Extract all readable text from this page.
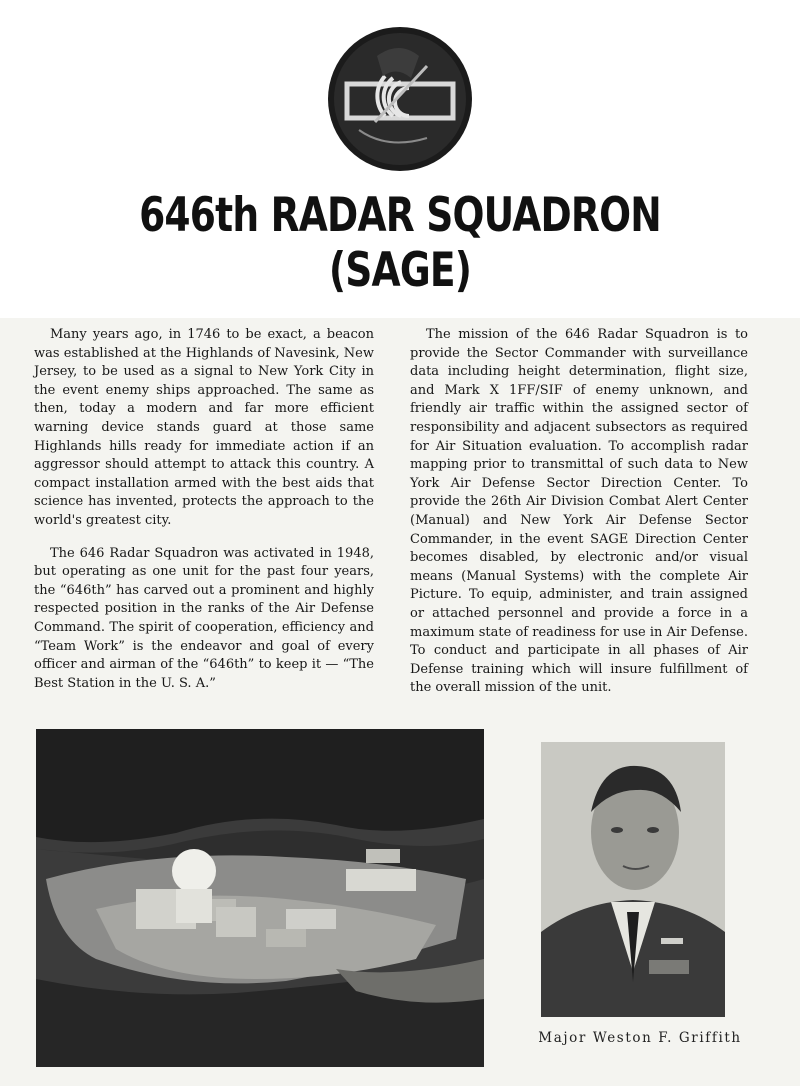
646th RADAR SQUADRON (SAGE)

Many years ago, in 1746 to be exact, a beacon was established at the Highlands of Navesink, New Jersey, to be used as a signal to New York City in the event enemy ships approached. The same as then, today a modern and far more efficient warning device stands guard at those same Highlands hills ready for immediate action if an aggressor should attempt to attack this country. A compact installation armed with the best aids that science has invented, protects the approach to the world's greatest city.

The 646 Radar Squadron was activated in 1948, but operating as one unit for the past four years, the “646th” has carved out a prominent and highly respected position in the ranks of the Air Defense Command. The spirit of cooperation, efficiency and “Team Work” is the endeavor and goal of every officer and airman of the “646th” to keep it — “The Best Station in the U. S. A.”

The mission of the 646 Radar Squadron is to provide the Sector Commander with surveillance data including height determination, flight size, and Mark X 1FF/SIF of enemy unknown, and friendly air traffic within the assigned sector of responsibility and adjacent subsectors as required for Air Situation evaluation. To accomplish radar mapping prior to transmittal of such data to New York Air Defense Sector Direction Center. To provide the 26th Air Division Combat Alert Center (Manual) and New York Air Defense Sector Commander, in the event SAGE Direction Center becomes disabled, by electronic and/or visual means (Manual Systems) with the complete Air Picture. To equip, administer, and train assigned or attached personnel and provide a force in a maximum state of readiness for use in Air Defense. To conduct and participate in all phases of Air Defense training which will insure fulfillment of the overall mission of the unit.

Major Weston F. Griffith
